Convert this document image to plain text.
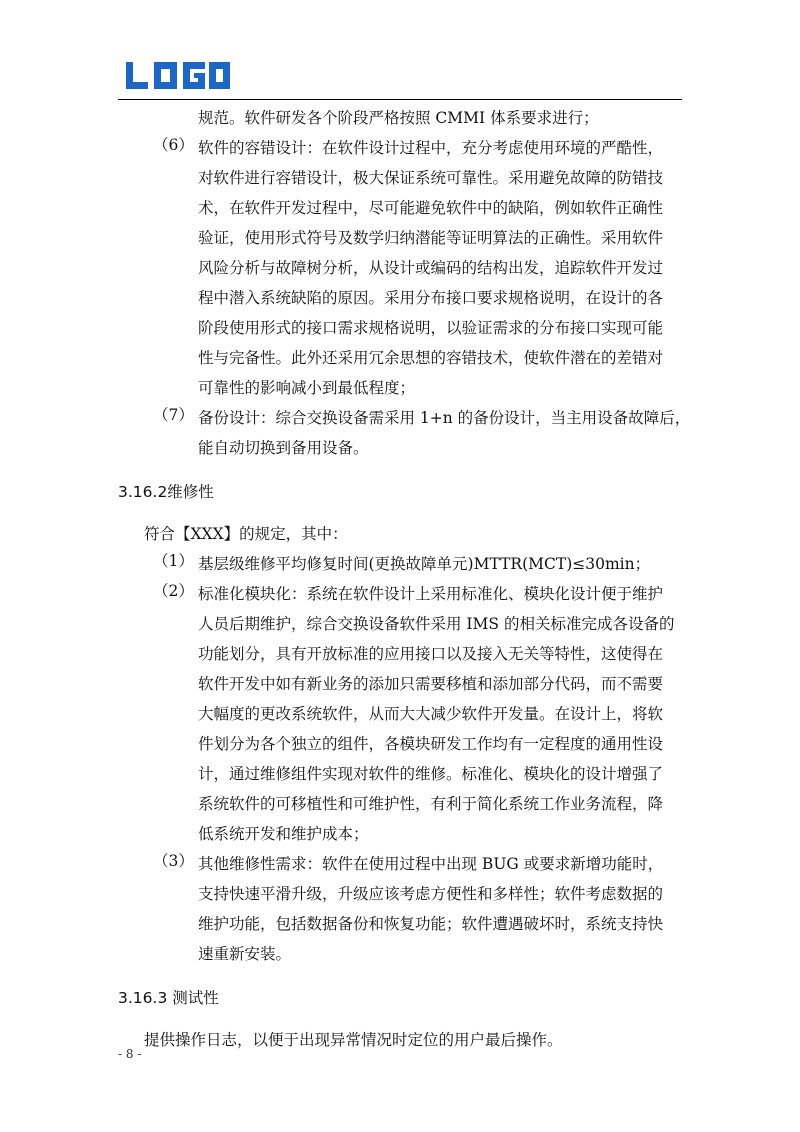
规范。软件研发各个阶段严格按照 CMMI 体系要求进行；
（6） 软件的容错设计：在软件设计过程中，充分考虑使用环境的严酷性，
对软件进行容错设计，极大保证系统可靠性。采用避免故障的防错技
术，在软件开发过程中，尽可能避免软件中的缺陷，例如软件正确性
验证，使用形式符号及数学归纳潜能等证明算法的正确性。采用软件
风险分析与故障树分析，从设计或编码的结构出发，追踪软件开发过
程中潜入系统缺陷的原因。采用分布接口要求规格说明，在设计的各
阶段使用形式的接口需求规格说明，以验证需求的分布接口实现可能
性与完备性。此外还采用冗余思想的容错技术，使软件潜在的差错对
可靠性的影响减小到最低程度；
（7） 备份设计：综合交换设备需采用 1+n 的备份设计，当主用设备故障后，
能自动切换到备用设备。
3.16.2维修性
符合【XXX】的规定，其中：
（1） 基层级维修平均修复时间(更换故障单元)MTTR(MCT)≤30min；
（2） 标准化模块化：系统在软件设计上采用标准化、模块化设计便于维护
人员后期维护，综合交换设备软件采用 IMS 的相关标准完成各设备的
功能划分，具有开放标准的应用接口以及接入无关等特性，这使得在
软件开发中如有新业务的添加只需要移植和添加部分代码，而不需要
大幅度的更改系统软件，从而大大减少软件开发量。在设计上，将软
件划分为各个独立的组件，各模块研发工作均有一定程度的通用性设
计，通过维修组件实现对软件的维修。标准化、模块化的设计增强了
系统软件的可移植性和可维护性，有利于简化系统工作业务流程，降
低系统开发和维护成本；
（3） 其他维修性需求：软件在使用过程中出现 BUG 或要求新增功能时，
支持快速平滑升级，升级应该考虑方便性和多样性；软件考虑数据的
维护功能，包括数据备份和恢复功能；软件遭遇破坏时，系统支持快
速重新安装。
3.16.3 测试性
提供操作日志，以便于出现异常情况时定位的用户最后操作。
- 8 -
